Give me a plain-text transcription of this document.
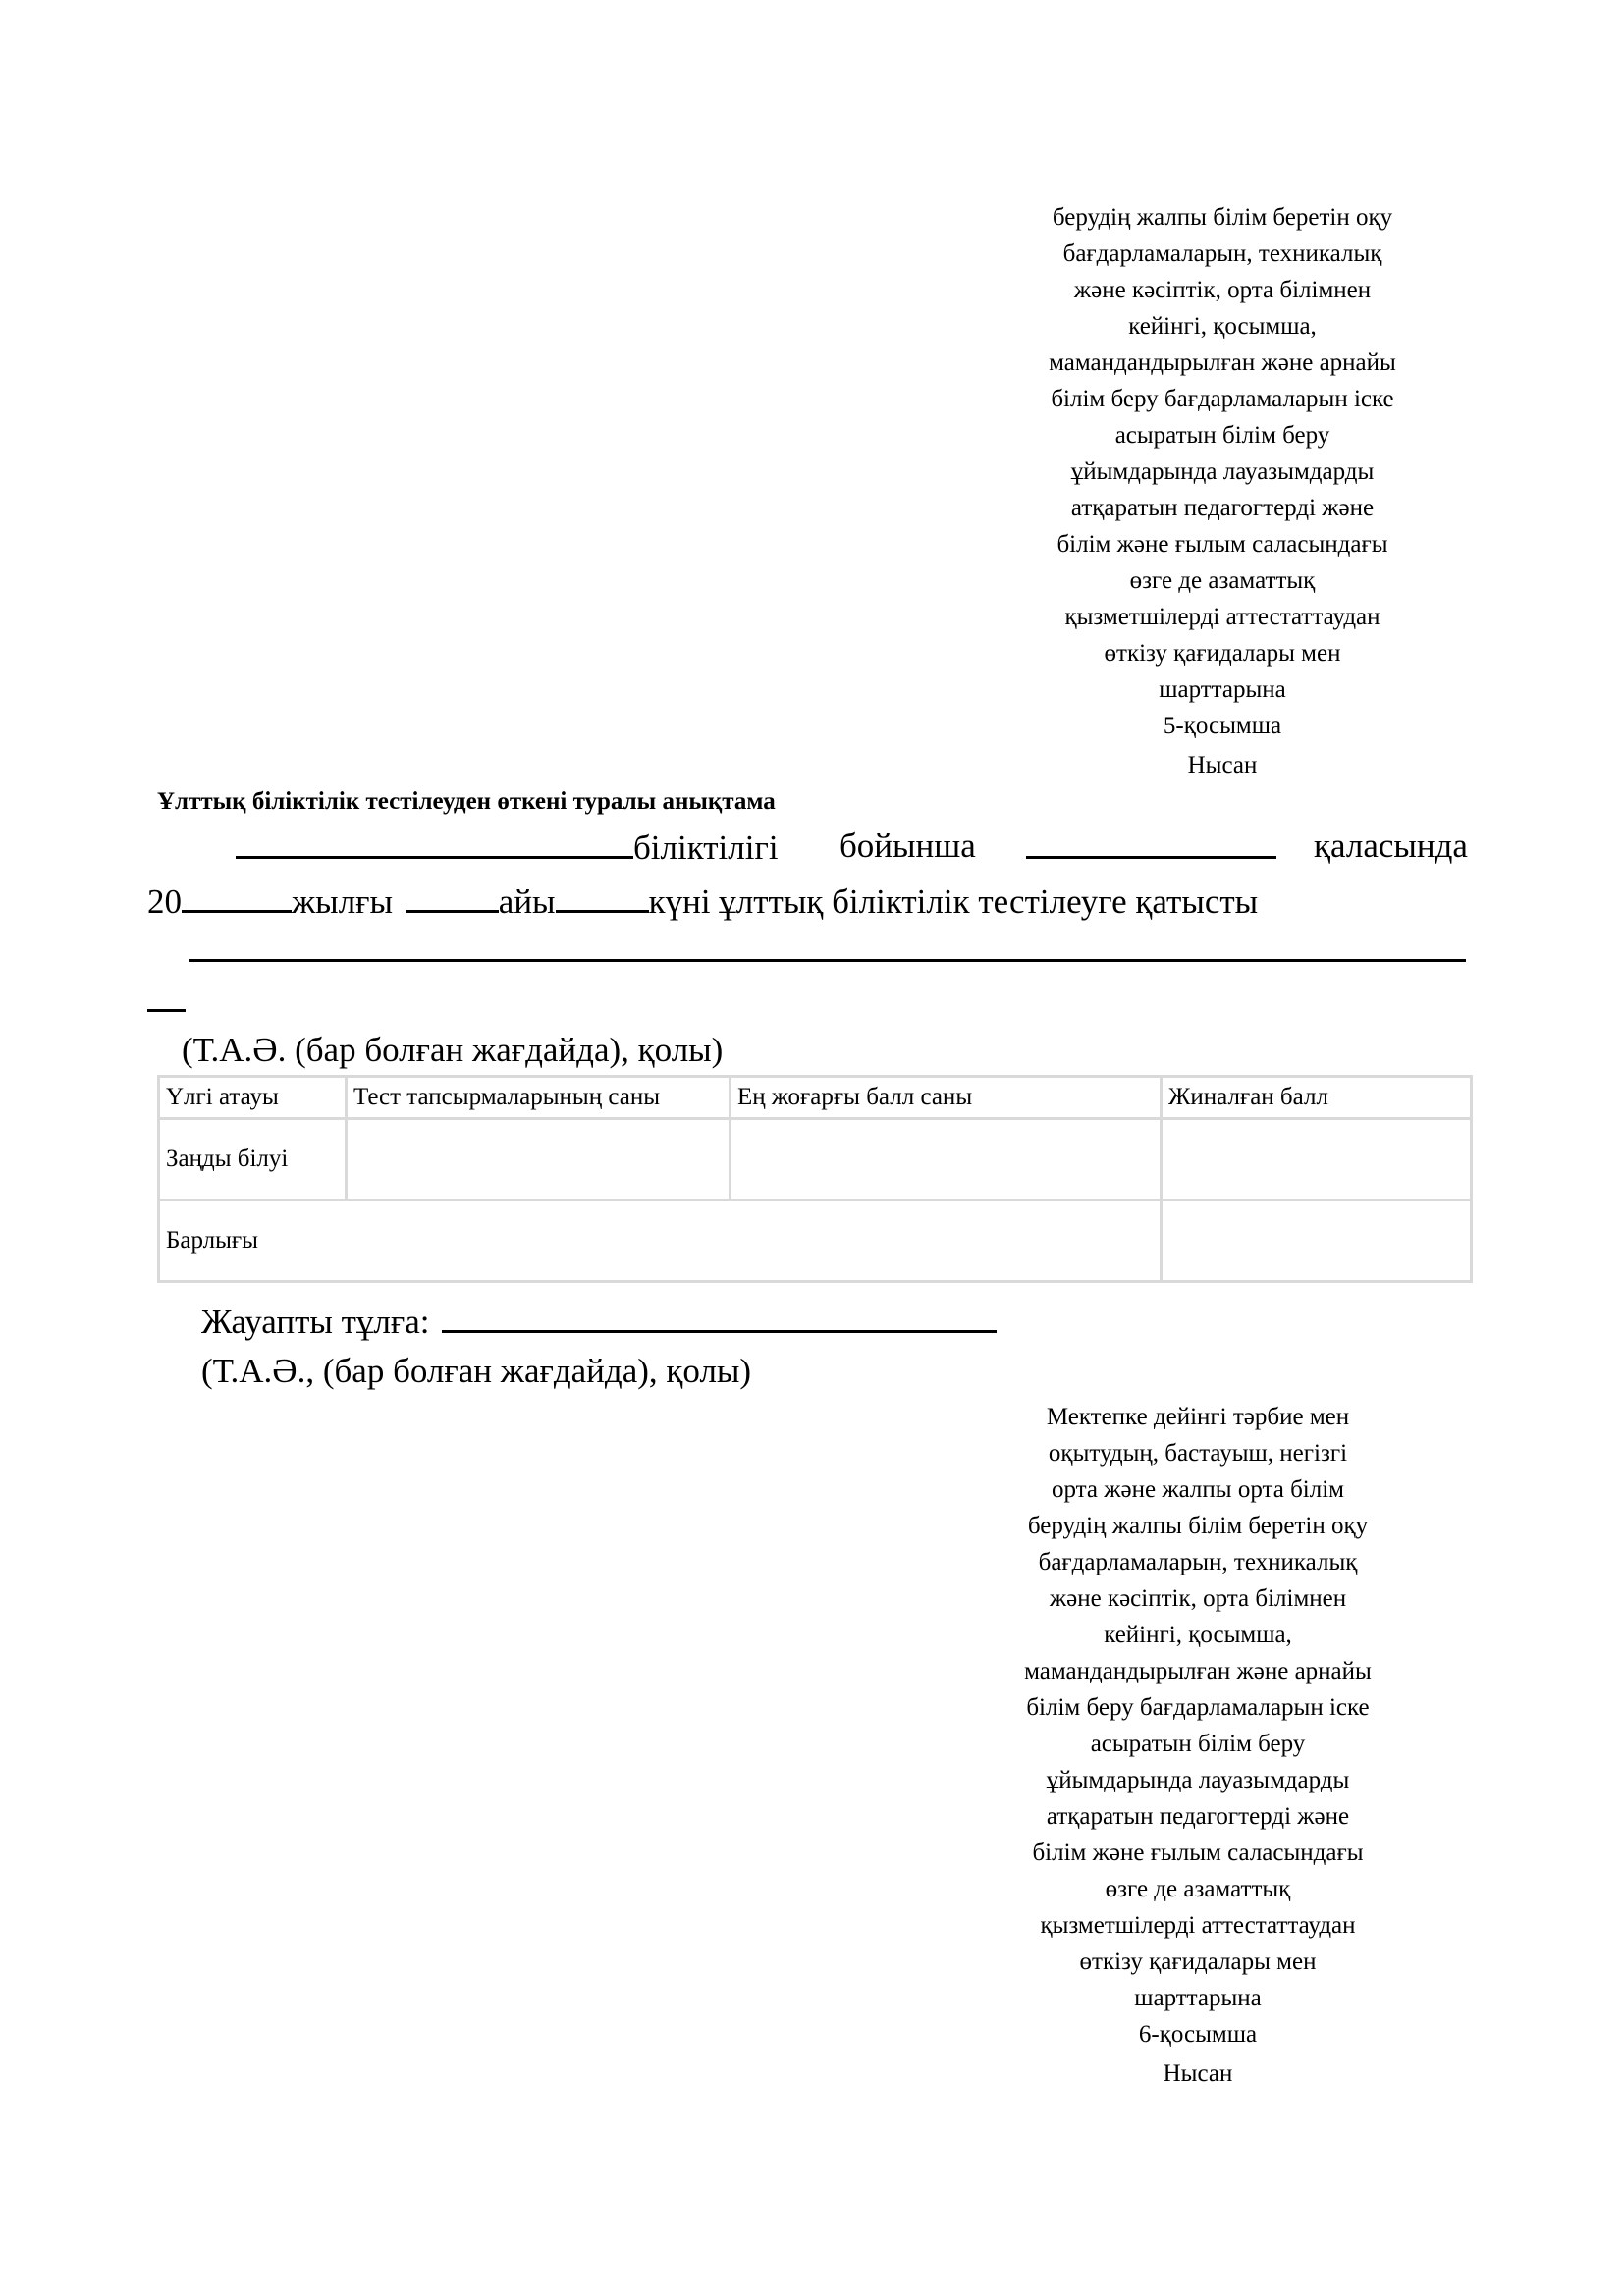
берудің жалпы білім беретін оқу
бағдарламаларын, техникалық
және кәсіптік, орта білімнен
кейінгі, қосымша,
мамандандырылған және арнайы
білім беру бағдарламаларын іске
асыратын білім беру
ұйымдарында лауазымдарды
атқаратын педагогтерді және
білім және ғылым саласындағы
өзге де азаматтық
қызметшілерді аттестаттаудан
өткізу қағидалары мен
шарттарына
5-қосымша
Нысан
Ұлттық біліктілік тестілеуден өткені туралы анықтама
біліктілігі бойынша	қаласында
20	жылғы	айы	күні ұлттық біліктілік тестілеуге қатысты
(Т.А.Ә. (бар болған жағдайда), қолы)
Үлгі атауы	Тест тапсырмаларының саны	Ең жоғарғы балл саны	Жиналған балл
Заңды білуі			
Барлығы			
Жауапты тұлға:
(Т.А.Ә., (бар болған жағдайда), қолы)
Мектепке дейінгі тәрбие мен
оқытудың, бастауыш, негізгі
орта және жалпы орта білім
берудің жалпы білім беретін оқу
бағдарламаларын, техникалық
және кәсіптік, орта білімнен
кейінгі, қосымша,
мамандандырылған және арнайы
білім беру бағдарламаларын іске
асыратын білім беру
ұйымдарында лауазымдарды
атқаратын педагогтерді және
білім және ғылым саласындағы
өзге де азаматтық
қызметшілерді аттестаттаудан
өткізу қағидалары мен
шарттарына
6-қосымша
Нысан
